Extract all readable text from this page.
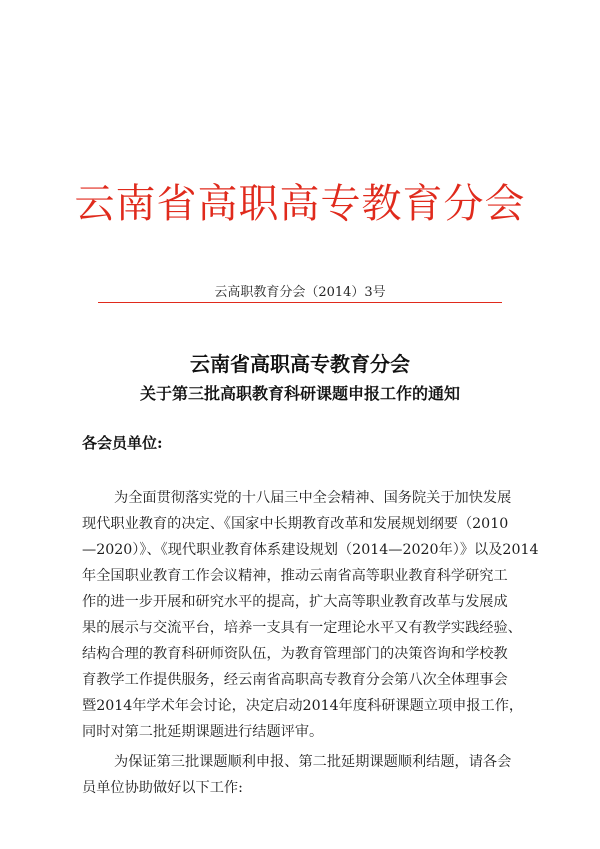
云南省高职高专教育分会
云高职教育分会（2014）3号
云南省高职高专教育分会
关于第三批高职教育科研课题申报工作的通知
各会员单位:
为全面贯彻落实党的十八届三中全会精神、国务院关于加快发展
现代职业教育的决定、《国家中长期教育改革和发展规划纲要（2010
—2020）》、《现代职业教育体系建设规划（2014—2020年）》以及2014
年全国职业教育工作会议精神，推动云南省高等职业教育科学研究工
作的进一步开展和研究水平的提高，扩大高等职业教育改革与发展成
果的展示与交流平台，培养一支具有一定理论水平又有教学实践经验、
结构合理的教育科研师资队伍，为教育管理部门的决策咨询和学校教
育教学工作提供服务，经云南省高职高专教育分会第八次全体理事会
暨2014年学术年会讨论，决定启动2014年度科研课题立项申报工作，
同时对第二批延期课题进行结题评审。
为保证第三批课题顺利申报、第二批延期课题顺利结题，请各会
员单位协助做好以下工作:
